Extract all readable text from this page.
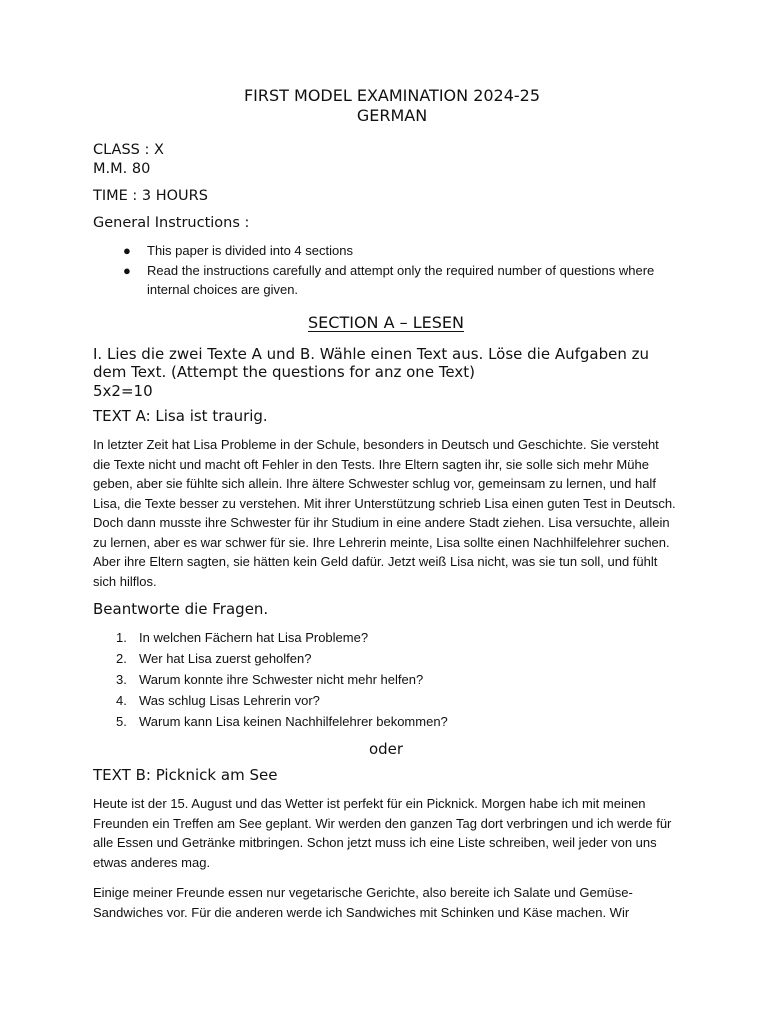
FIRST MODEL EXAMINATION 2024-25

GERMAN

CLASS : X

M.M. 80

TIME : 3 HOURS

General Instructions :

● This paper is divided into 4 sections
● Read the instructions carefully and attempt only the required number of questions where internal choices are given.

SECTION A – LESEN

I. Lies die zwei Texte A und B. Wähle einen Text aus. Löse die Aufgaben zu dem Text. (Attempt the questions for anz one Text)
5x2=10

TEXT A: Lisa ist traurig.

In letzter Zeit hat Lisa Probleme in der Schule, besonders in Deutsch und Geschichte. Sie versteht die Texte nicht und macht oft Fehler in den Tests. Ihre Eltern sagten ihr, sie solle sich mehr Mühe geben, aber sie fühlte sich allein. Ihre ältere Schwester schlug vor, gemeinsam zu lernen, und half Lisa, die Texte besser zu verstehen. Mit ihrer Unterstützung schrieb Lisa einen guten Test in Deutsch. Doch dann musste ihre Schwester für ihr Studium in eine andere Stadt ziehen. Lisa versuchte, allein zu lernen, aber es war schwer für sie. Ihre Lehrerin meinte, Lisa sollte einen Nachhilfelehrer suchen. Aber ihre Eltern sagten, sie hätten kein Geld dafür. Jetzt weiß Lisa nicht, was sie tun soll, und fühlt sich hilflos.

Beantworte die Fragen.

1. In welchen Fächern hat Lisa Probleme?
2. Wer hat Lisa zuerst geholfen?
3. Warum konnte ihre Schwester nicht mehr helfen?
4. Was schlug Lisas Lehrerin vor?
5. Warum kann Lisa keinen Nachhilfelehrer bekommen?

oder

TEXT B: Picknick am See

Heute ist der 15. August und das Wetter ist perfekt für ein Picknick. Morgen habe ich mit meinen Freunden ein Treffen am See geplant. Wir werden den ganzen Tag dort verbringen und ich werde für alle Essen und Getränke mitbringen. Schon jetzt muss ich eine Liste schreiben, weil jeder von uns etwas anderes mag.

Einige meiner Freunde essen nur vegetarische Gerichte, also bereite ich Salate und Gemüse-Sandwiches vor. Für die anderen werde ich Sandwiches mit Schinken und Käse machen. Wir
